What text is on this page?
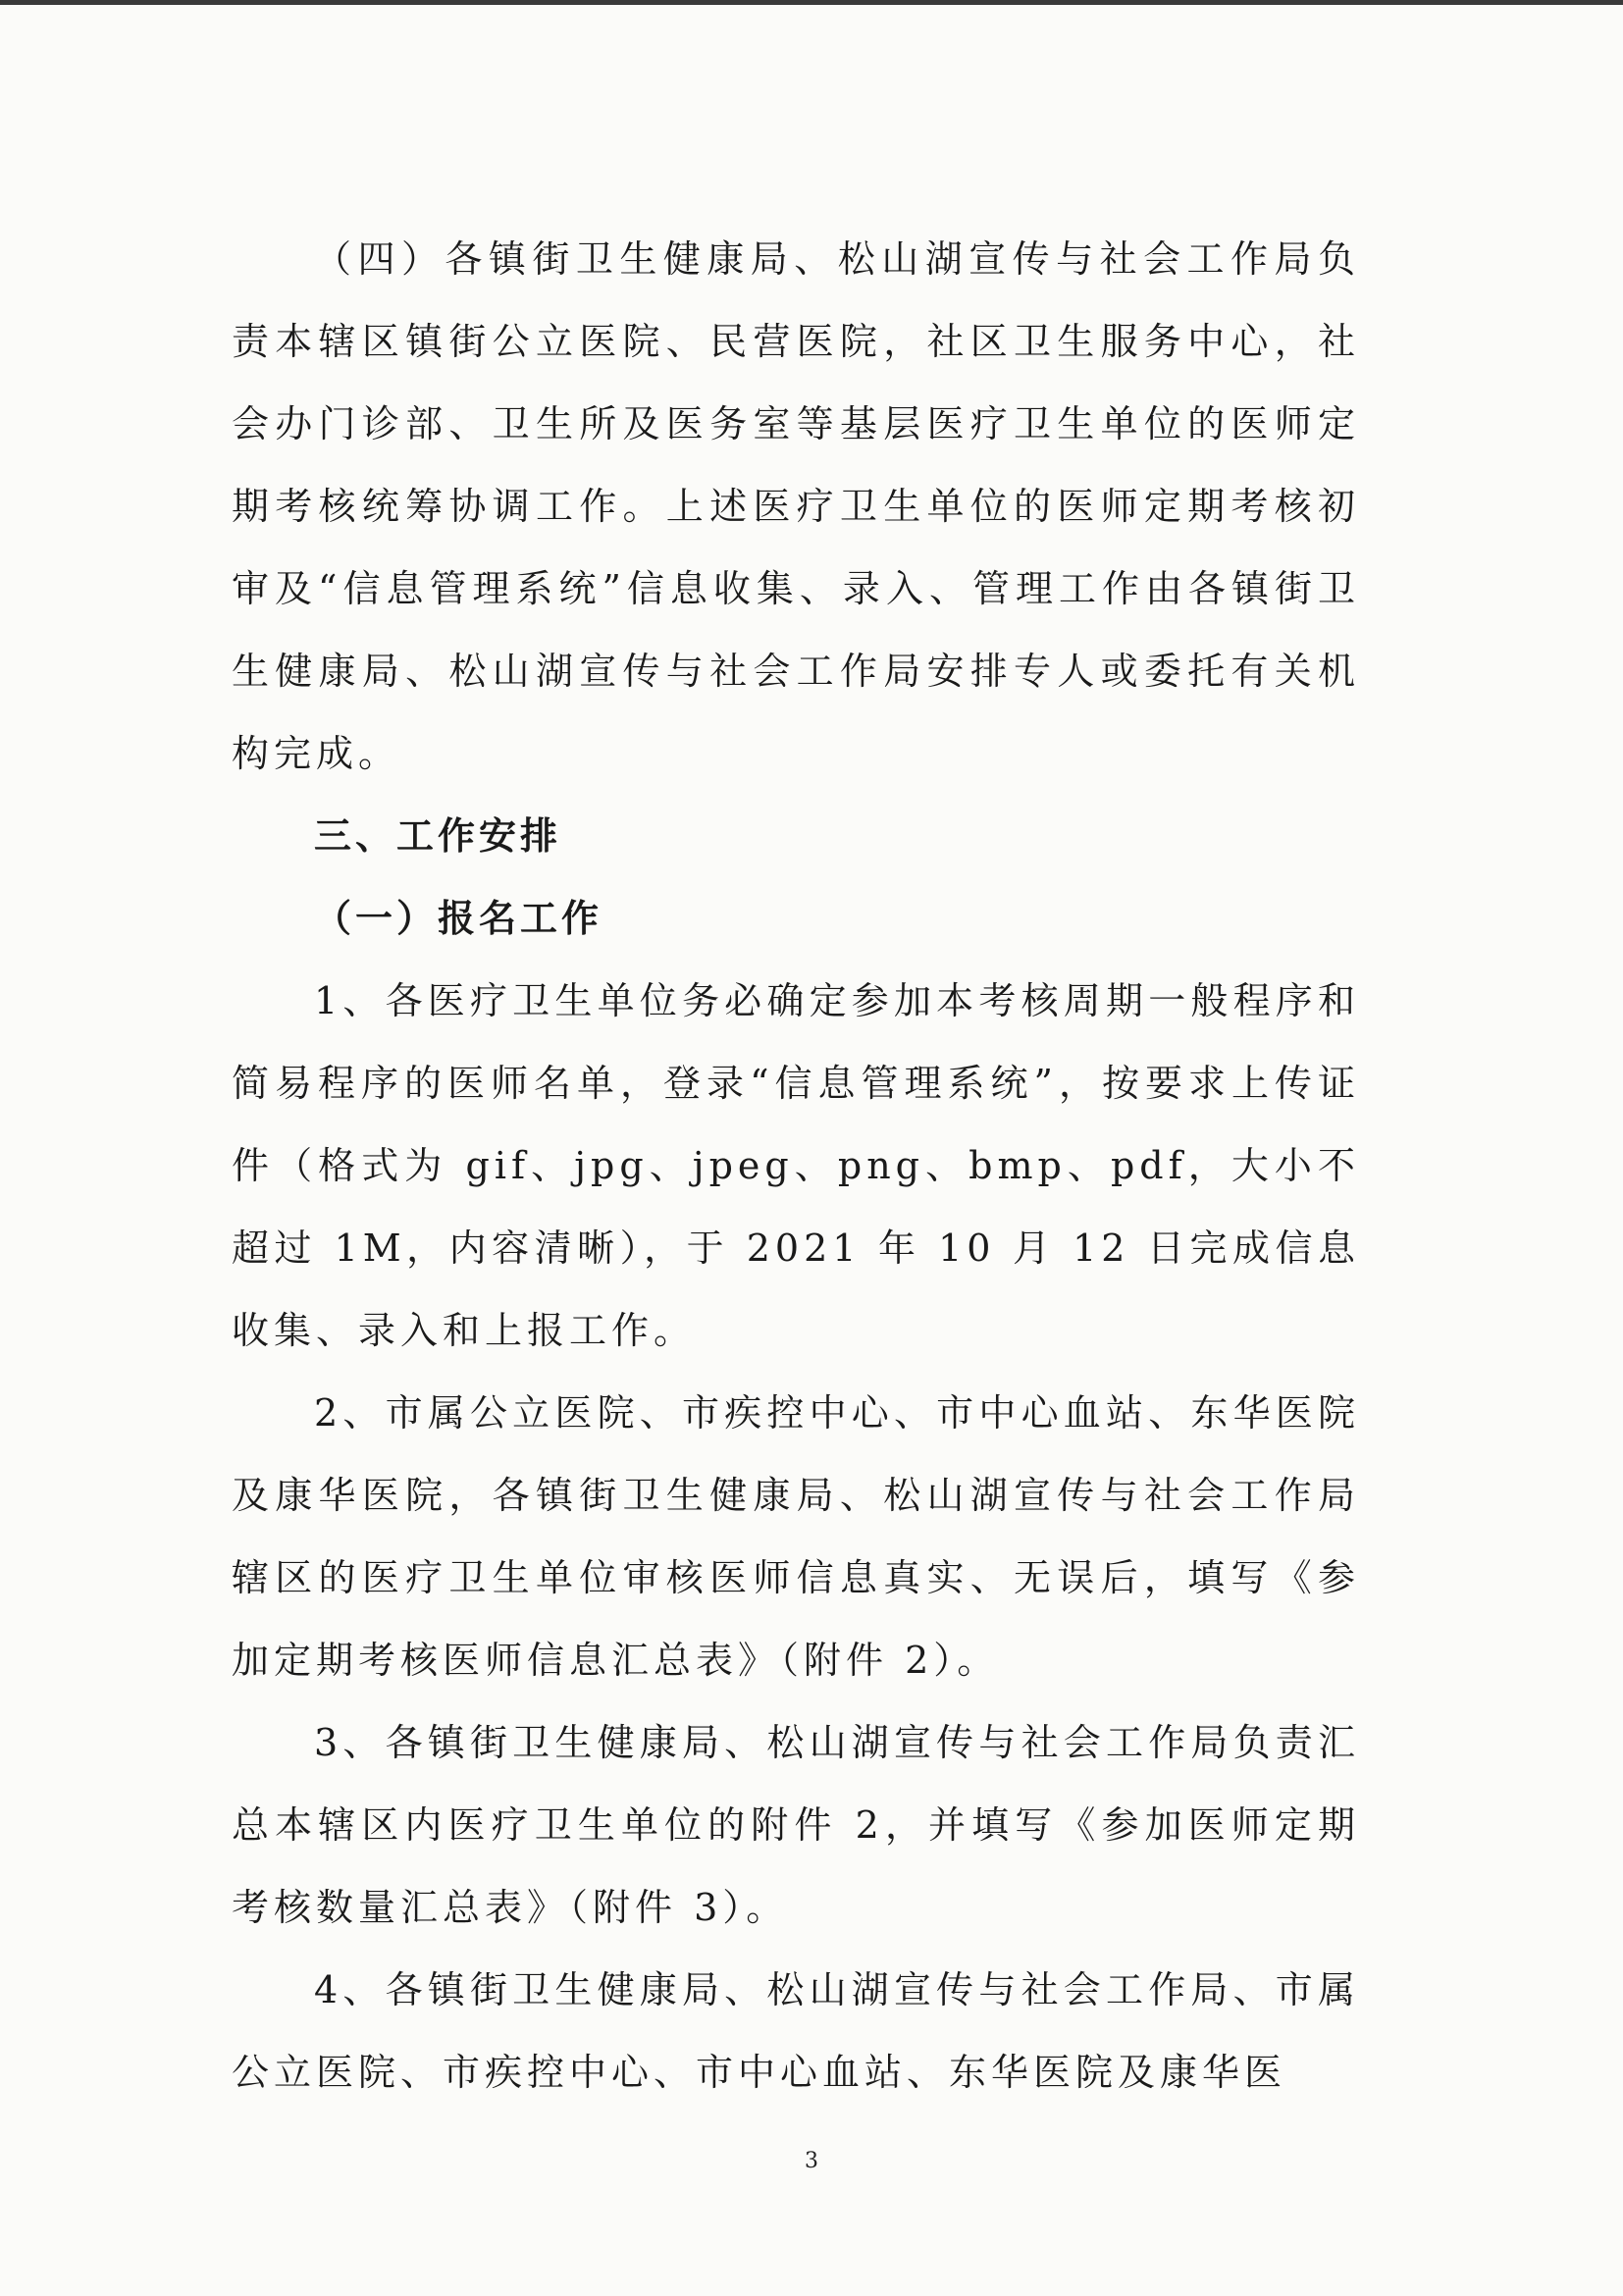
（四）各镇街卫生健康局、松山湖宣传与社会工作局负责本辖区镇街公立医院、民营医院，社区卫生服务中心，社会办门诊部、卫生所及医务室等基层医疗卫生单位的医师定期考核统筹协调工作。上述医疗卫生单位的医师定期考核初审及“信息管理系统”信息收集、录入、管理工作由各镇街卫生健康局、松山湖宣传与社会工作局安排专人或委托有关机构完成。

三、工作安排

（一）报名工作

1、各医疗卫生单位务必确定参加本考核周期一般程序和简易程序的医师名单，登录“信息管理系统”，按要求上传证件（格式为 gif、jpg、jpeg、png、bmp、pdf，大小不超过 1M，内容清晰），于 2021 年 10 月 12 日完成信息收集、录入和上报工作。

2、市属公立医院、市疾控中心、市中心血站、东华医院及康华医院，各镇街卫生健康局、松山湖宣传与社会工作局辖区的医疗卫生单位审核医师信息真实、无误后，填写《参加定期考核医师信息汇总表》（附件 2）。

3、各镇街卫生健康局、松山湖宣传与社会工作局负责汇总本辖区内医疗卫生单位的附件 2，并填写《参加医师定期考核数量汇总表》（附件 3）。

4、各镇街卫生健康局、松山湖宣传与社会工作局、市属公立医院、市疾控中心、市中心血站、东华医院及康华医

3
